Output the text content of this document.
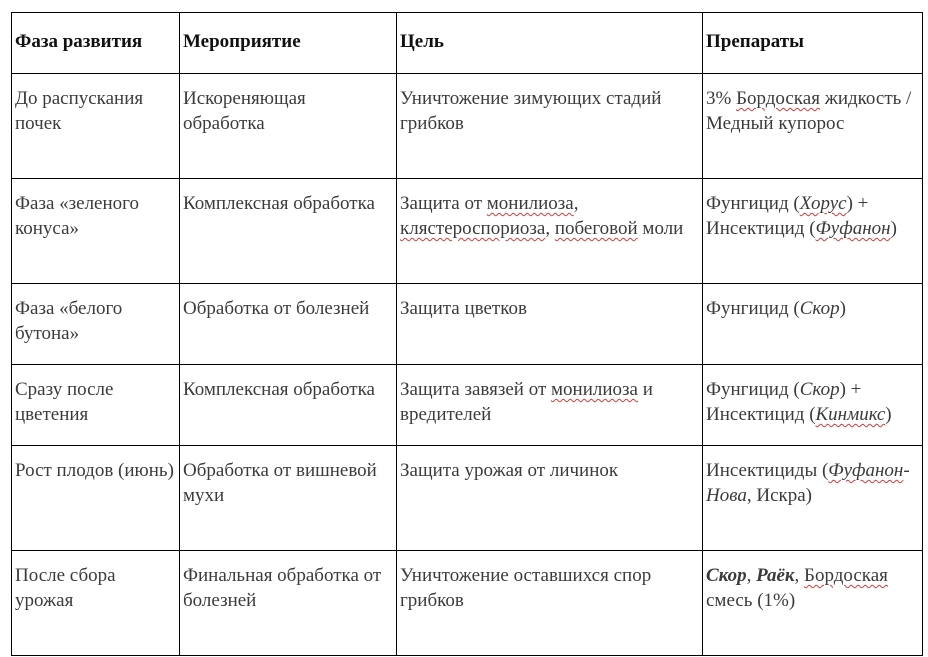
Фаза развития	Мероприятие	Цель	Препараты
До распускания почек	Искореняющая обработка	Уничтожение зимующих стадий грибков	3% Бордоская жидкость / Медный купорос
Фаза «зеленого конуса»	Комплексная обработка	Защита от монилиоза, клястероспориоза, побеговой моли	Фунгицид (Хорус) + Инсектицид (Фуфанон)
Фаза «белого бутона»	Обработка от болезней	Защита цветков	Фунгицид (Скор)
Сразу после цветения	Комплексная обработка	Защита завязей от монилиоза и вредителей	Фунгицид (Скор) + Инсектицид (Кинмикс)
Рост плодов (июнь)	Обработка от вишневой мухи	Защита урожая от личинок	Инсектициды (Фуфанон-Нова, Искра)
После сбора урожая	Финальная обработка от болезней	Уничтожение оставшихся спор грибков	Скор, Раёк, Бордоская смесь (1%)
